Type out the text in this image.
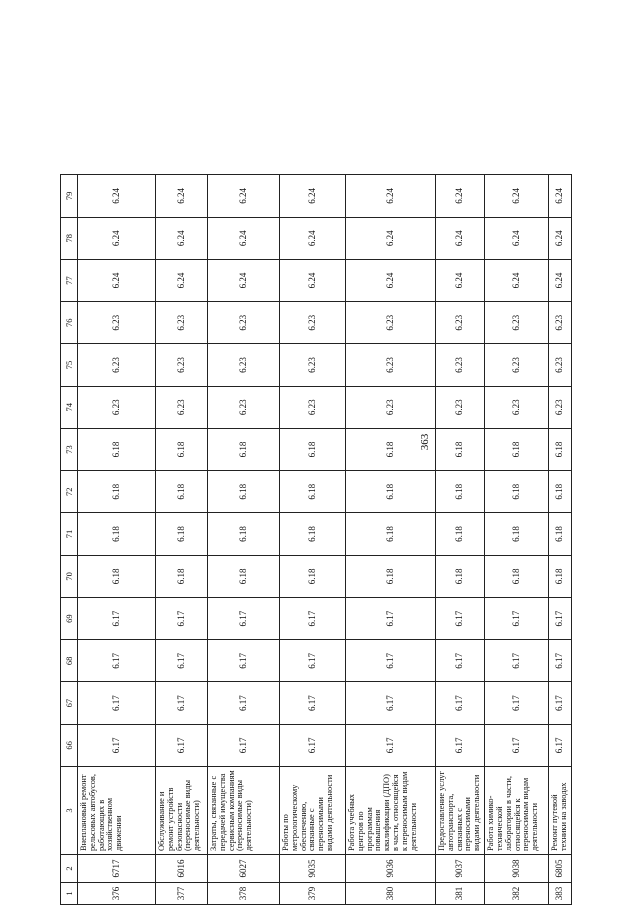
363
1	2	3	66	67	68	69	70	71	72	73	74	75	76	77	78	79
376	6717	Внеплановый ремонт рельсовых автобусов, работающих в хозяйственном движении	6.17	6.17	6.17	6.17	6.18	6.18	6.18	6.18	6.23	6.23	6.23	6.24	6.24	6.24
377	6016	Обслуживание и ремонт устройств безопасности (переносимые виды деятельности)	6.17	6.17	6.17	6.17	6.18	6.18	6.18	6.18	6.23	6.23	6.23	6.24	6.24	6.24
378	6027	Затраты, связанные с передачей имущества сервисным компаниям (переносимые виды деятельности)	6.17	6.17	6.17	6.17	6.18	6.18	6.18	6.18	6.23	6.23	6.23	6.24	6.24	6.24
379	9035	Работы по метрологическому обеспечению, связанные с переносимыми видами деятельности	6.17	6.17	6.17	6.17	6.18	6.18	6.18	6.18	6.23	6.23	6.23	6.24	6.24	6.24
380	9036	Работа учебных центров по программам повышения квалификации (ДПО) в части, относящейся к переносимым видам деятельности	6.17	6.17	6.17	6.17	6.18	6.18	6.18	6.18	6.23	6.23	6.23	6.24	6.24	6.24
381	9037	Предоставление услуг автотранспорта, связанных с переносимыми видами деятельности	6.17	6.17	6.17	6.17	6.18	6.18	6.18	6.18	6.23	6.23	6.23	6.24	6.24	6.24
382	9038	Работа химико-технической лаборатории в части, относящейся к переносимым видам деятельности	6.17	6.17	6.17	6.17	6.18	6.18	6.18	6.18	6.23	6.23	6.23	6.24	6.24	6.24
383	6805	Ремонт путевой техники на заводах	6.17	6.17	6.17	6.17	6.18	6.18	6.18	6.18	6.23	6.23	6.23	6.24	6.24	6.24
